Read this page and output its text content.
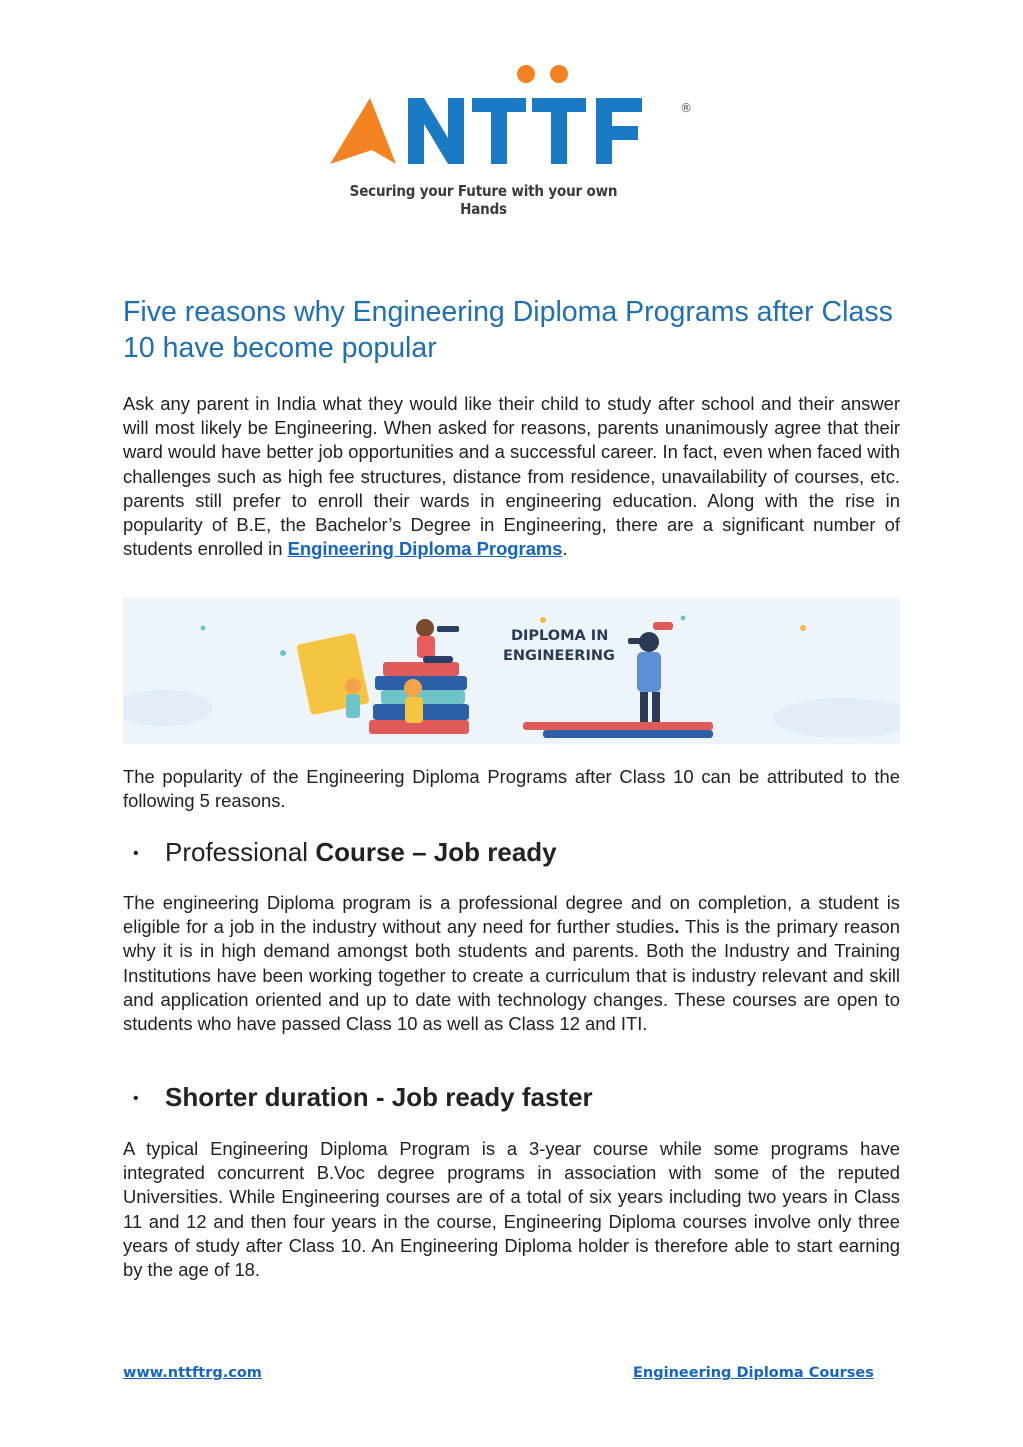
®
Securing your Future with your own Hands
Five reasons why Engineering Diploma Programs after Class 10 have become popular

Ask any parent in India what they would like their child to study after school and their answer will most likely be Engineering. When asked for reasons, parents unanimously agree that their ward would have better job opportunities and a successful career. In fact, even when faced with challenges such as high fee structures, distance from residence, unavailability of courses, etc. parents still prefer to enroll their wards in engineering education. Along with the rise in popularity of B.E, the Bachelor’s Degree in Engineering, there are a significant number of students enrolled in Engineering Diploma Programs.

DIPLOMA IN
ENGINEERING

The popularity of the Engineering Diploma Programs after Class 10 can be attributed to the following 5 reasons.

• Professional Course – Job ready

The engineering Diploma program is a professional degree and on completion, a student is eligible for a job in the industry without any need for further studies. This is the primary reason why it is in high demand amongst both students and parents. Both the Industry and Training Institutions have been working together to create a curriculum that is industry relevant and skill and application oriented and up to date with technology changes. These courses are open to students who have passed Class 10 as well as Class 12 and ITI.

• Shorter duration - Job ready faster

A typical Engineering Diploma Program is a 3-year course while some programs have integrated concurrent B.Voc degree programs in association with some of the reputed Universities. While Engineering courses are of a total of six years including two years in Class 11 and 12 and then four years in the course, Engineering Diploma courses involve only three years of study after Class 10. An Engineering Diploma holder is therefore able to start earning by the age of 18.

www.nttftrg.com	Engineering Diploma Courses
